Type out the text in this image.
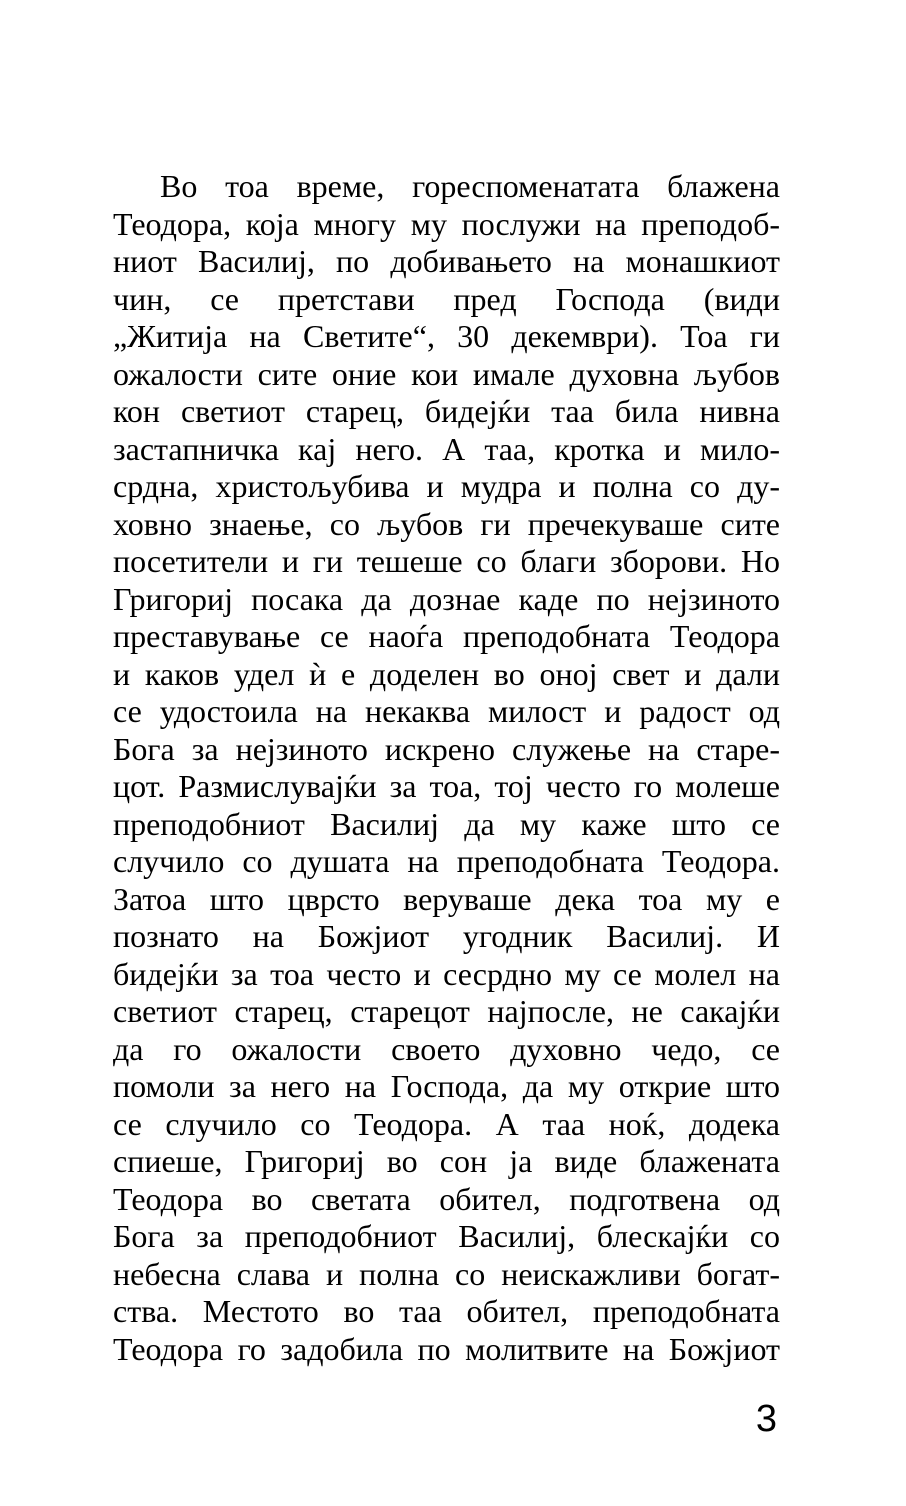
Во тоа време, гореспоменатата блажена
Теодора, која многу му послужи на преподоб-
ниот Василиј, по добивањето на монашкиот
чин, се претстави пред Господа (види
„Житија на Светите“, 30 декември). Тоа ги
ожалости сите оние кои имале духовна љубов
кон светиот старец, бидејќи таа била нивна
застапничка кај него. А таа, кротка и мило-
срдна, христољубива и мудра и полна со ду-
ховно знаење, со љубов ги пречекуваше сите
посетители и ги тешеше со благи зборови. Но
Григориј посака да дознае каде по нејзиното
преставување се наоѓа преподобната Теодора
и каков удел ѝ е доделен во оној свет и дали
се удостоила на некаква милост и радост од
Бога за нејзиното искрено служење на старе-
цот. Размислувајќи за тоа, тој често го молеше
преподобниот Василиј да му каже што се
случило со душата на преподобната Теодора.
Затоа што цврсто веруваше дека тоа му е
познато на Божјиот угодник Василиј. И
бидејќи за тоа често и сесрдно му се молел на
светиот старец, старецот најпосле, не сакајќи
да го ожалости своето духовно чедо, се
помоли за него на Господа, да му открие што
се случило со Теодора. А таа ноќ, додека
спиеше, Григориј во сон ја виде блажената
Теодора во светата обител, подготвена од
Бога за преподобниот Василиј, блескајќи со
небесна слава и полна со неискажливи богат-
ства. Местото во таа обител, преподобната
Теодора го задобила по молитвите на Божјиот
3
